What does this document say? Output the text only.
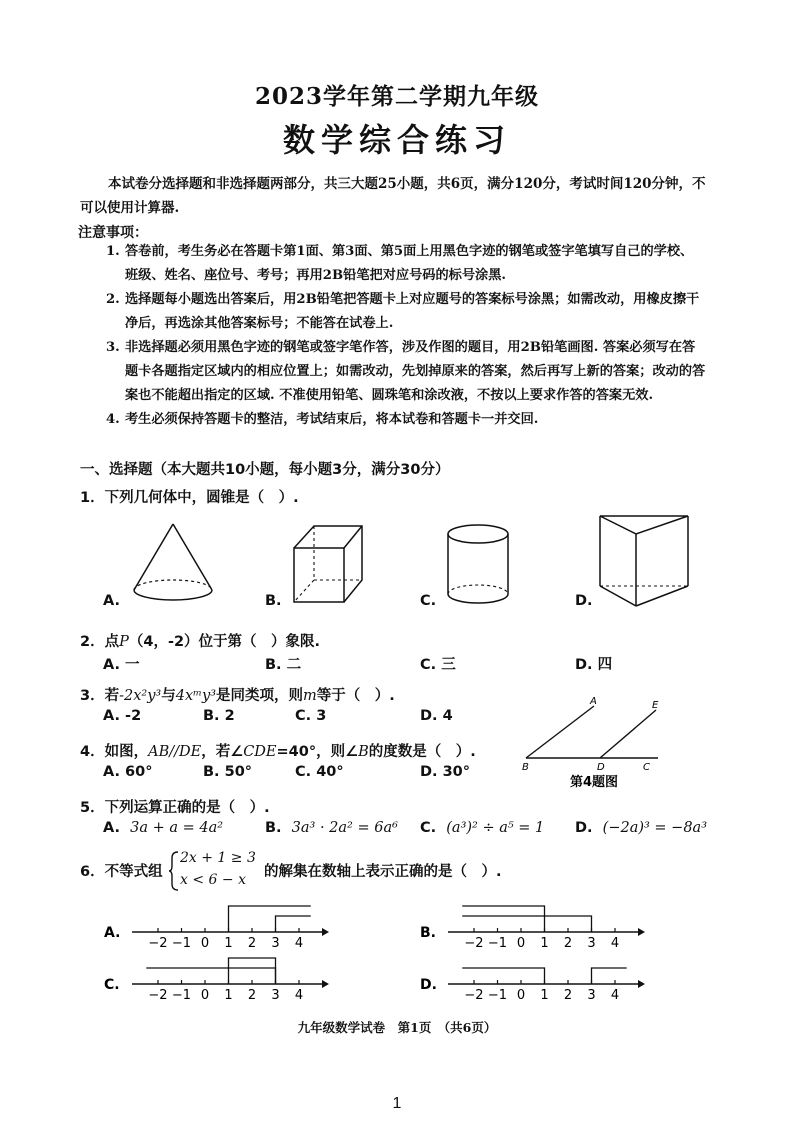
2023学年第二学期九年级
数学综合练习
本试卷分选择题和非选择题两部分，共三大题25小题，共6页，满分120分，考试时间120分钟，不可以使用计算器.
注意事项：
1. 答卷前，考生务必在答题卡第1面、第3面、第5面上用黑色字迹的钢笔或签字笔填写自己的学校、班级、姓名、座位号、考号；再用2B铅笔把对应号码的标号涂黑.
2. 选择题每小题选出答案后，用2B铅笔把答题卡上对应题号的答案标号涂黑；如需改动，用橡皮擦干净后，再选涂其他答案标号；不能答在试卷上.
3. 非选择题必须用黑色字迹的钢笔或签字笔作答，涉及作图的题目，用2B铅笔画图. 答案必须写在答题卡各题指定区域内的相应位置上；如需改动，先划掉原来的答案，然后再写上新的答案；改动的答案也不能超出指定的区域. 不准使用铅笔、圆珠笔和涂改液，不按以上要求作答的答案无效.
4. 考生必须保持答题卡的整洁，考试结束后，将本试卷和答题卡一并交回.
一、选择题（本大题共10小题，每小题3分，满分30分）
1．下列几何体中，圆锥是（　）.
A.	B.	C.	D.
2．点P（4，-2）位于第（　）象限.
A. 一	B. 二	C. 三	D. 四
3．若-2x²y³与4xᵐy³是同类项，则m等于（　）.
A. -2	B. 2	C. 3	D. 4
4．如图，AB//DE，若∠CDE=40°，则∠B的度数是（　）.
A. 60°	B. 50°	C. 40°	D. 30°
A	E
B	D	C
第4题图
5．下列运算正确的是（　）.
A. 3a + a = 4a²	B. 3a³ · 2a² = 6a⁶ C. (a³)² ÷ a⁵ = 1 D. (−2a)³ = −8a³
6．不等式组
2x + 1 ≥ 3
x < 6 − x 的解集在数轴上表示正确的是（　）.
A.
−2 −1 0 1 2 3 4
B.
−2 −1 0 1 2 3 4
C.
−2 −1 0 1 2 3 4
D.
−2 −1 0 1 2 3 4
九年级数学试卷　第1页　（共6页）
1
